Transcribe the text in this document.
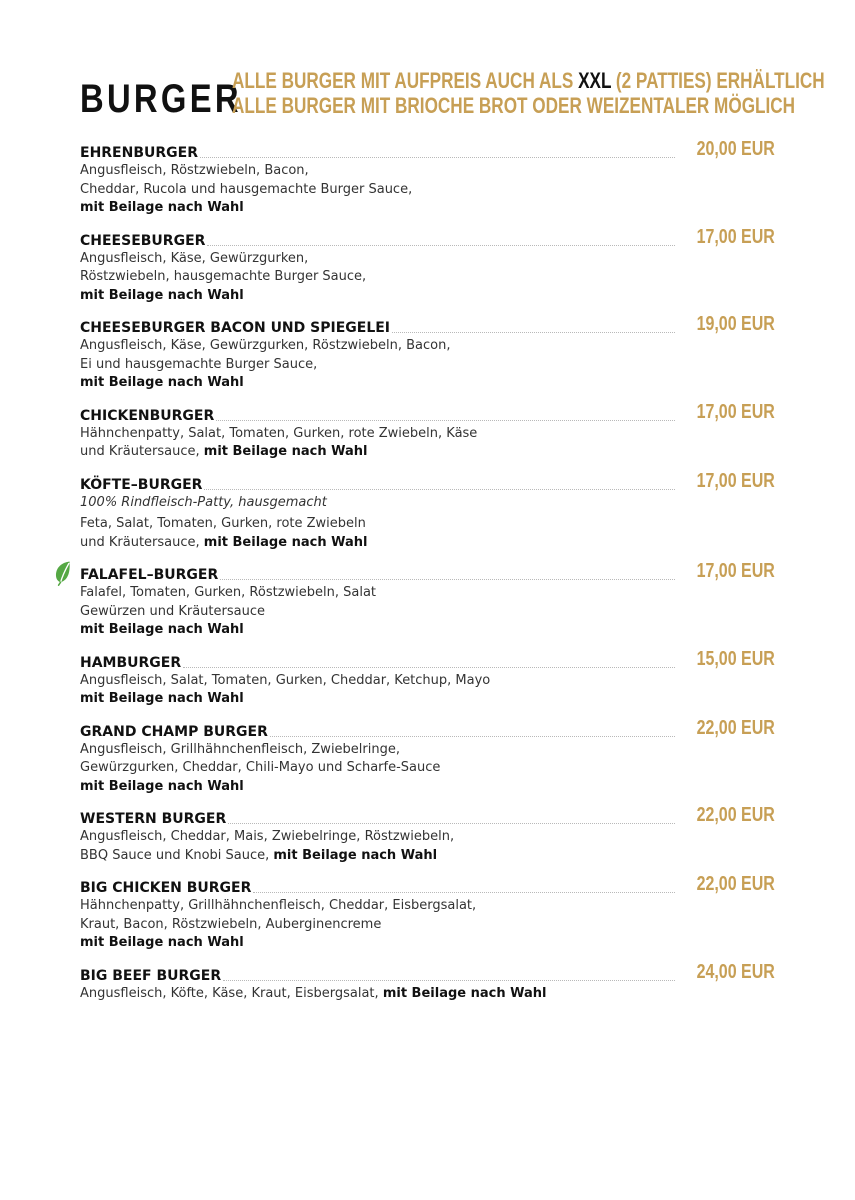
BURGER
ALLE BURGER MIT AUFPREIS AUCH ALS XXL (2 PATTIES) ERHÄLTLICH
ALLE BURGER MIT BRIOCHE BROT ODER WEIZENTALER MÖGLICH
EHRENBURGER	20,00 EUR
Angusfleisch, Röstzwiebeln, Bacon,
Cheddar, Rucola und hausgemachte Burger Sauce,
mit Beilage nach Wahl
CHEESEBURGER	17,00 EUR
Angusfleisch, Käse, Gewürzgurken,
Röstzwiebeln, hausgemachte Burger Sauce,
mit Beilage nach Wahl
CHEESEBURGER BACON UND SPIEGELEI	19,00 EUR
Angusfleisch, Käse, Gewürzgurken, Röstzwiebeln, Bacon,
Ei und hausgemachte Burger Sauce,
mit Beilage nach Wahl
CHICKENBURGER	17,00 EUR
Hähnchenpatty, Salat, Tomaten, Gurken, rote Zwiebeln, Käse
und Kräutersauce, mit Beilage nach Wahl
KÖFTE–BURGER	17,00 EUR
100% Rindfleisch-Patty, hausgemacht
Feta, Salat, Tomaten, Gurken, rote Zwiebeln
und Kräutersauce, mit Beilage nach Wahl
FALAFEL–BURGER	17,00 EUR
Falafel, Tomaten, Gurken, Röstzwiebeln, Salat
Gewürzen und Kräutersauce
mit Beilage nach Wahl
HAMBURGER	15,00 EUR
Angusfleisch, Salat, Tomaten, Gurken, Cheddar, Ketchup, Mayo
mit Beilage nach Wahl
GRAND CHAMP BURGER	22,00 EUR
Angusfleisch, Grillhähnchenfleisch, Zwiebelringe,
Gewürzgurken, Cheddar, Chili-Mayo und Scharfe-Sauce
mit Beilage nach Wahl
WESTERN BURGER	22,00 EUR
Angusfleisch, Cheddar, Mais, Zwiebelringe, Röstzwiebeln,
BBQ Sauce und Knobi Sauce, mit Beilage nach Wahl
BIG CHICKEN BURGER	22,00 EUR
Hähnchenpatty, Grillhähnchenfleisch, Cheddar, Eisbergsalat,
Kraut, Bacon, Röstzwiebeln, Auberginencreme
mit Beilage nach Wahl
BIG BEEF BURGER	24,00 EUR
Angusfleisch, Köfte, Käse, Kraut, Eisbergsalat, mit Beilage nach Wahl
